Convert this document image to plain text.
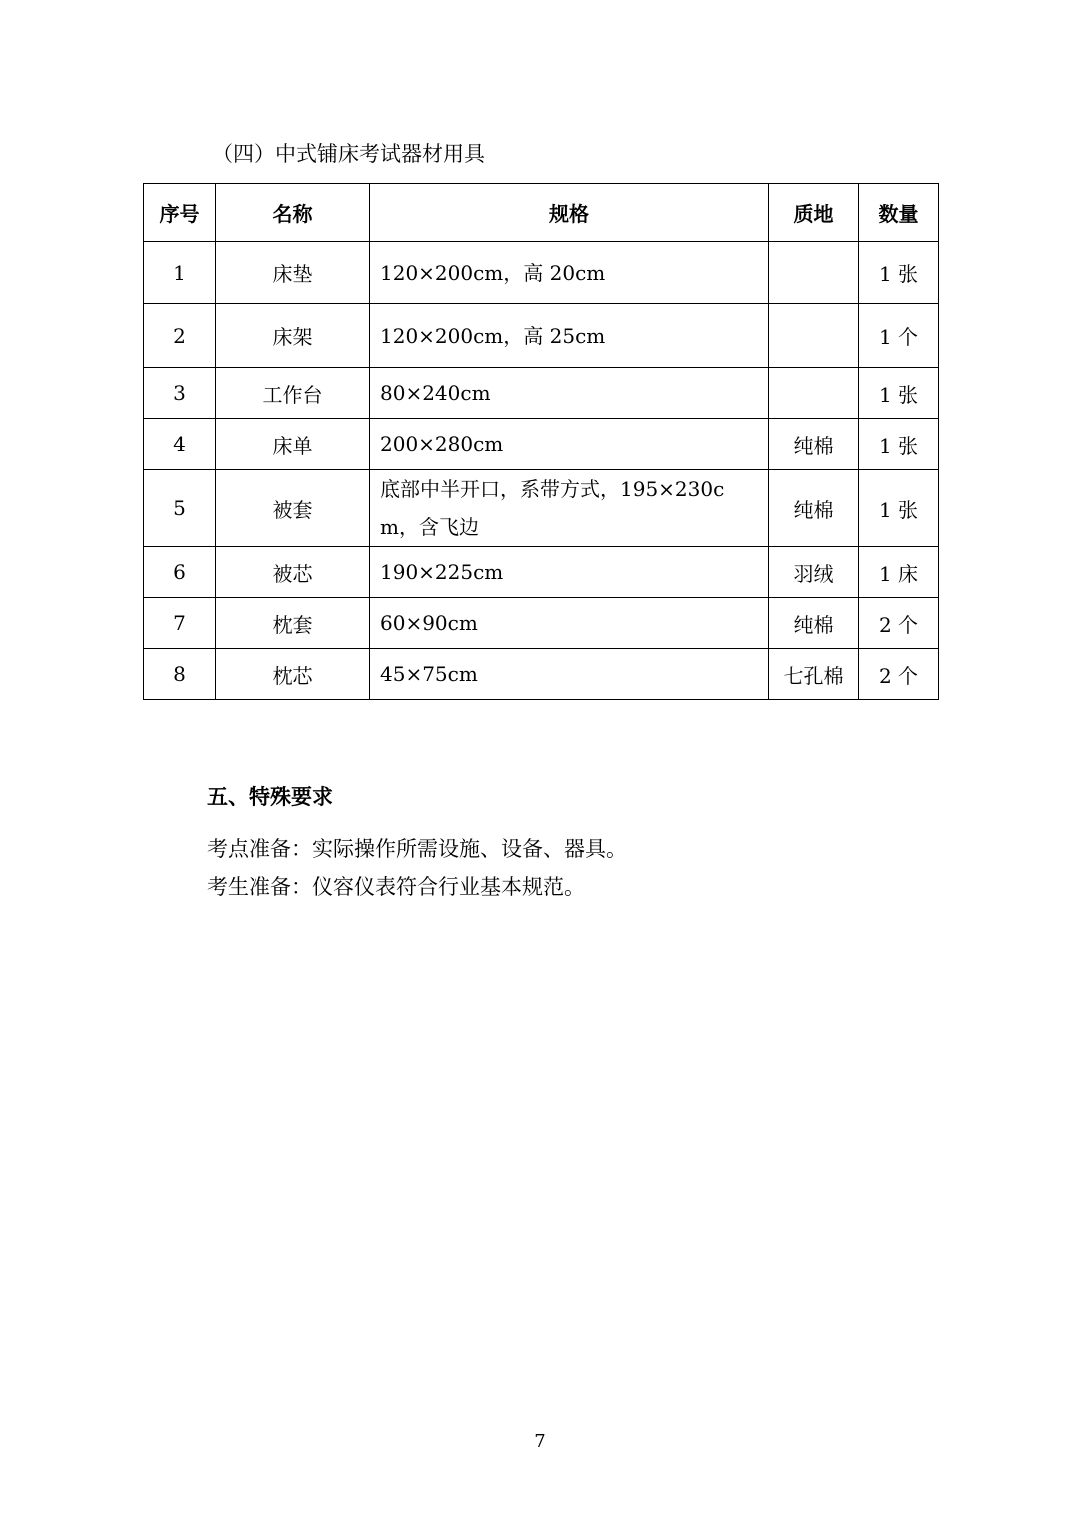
（四）中式铺床考试器材用具
序号	名称	规格	质地	数量
1	床垫	120×200cm，高 20cm		1 张
2	床架	120×200cm，高 25cm		1 个
3	工作台	80×240cm		1 张
4	床单	200×280cm	纯棉	1 张
5	被套	底部中半开口，系带方式，195×230cm，含飞边	纯棉	1 张
6	被芯	190×225cm	羽绒	1 床
7	枕套	60×90cm	纯棉	2 个
8	枕芯	45×75cm	七孔棉	2 个
五、特殊要求
考点准备：实际操作所需设施、设备、器具。
考生准备：仪容仪表符合行业基本规范。
7
